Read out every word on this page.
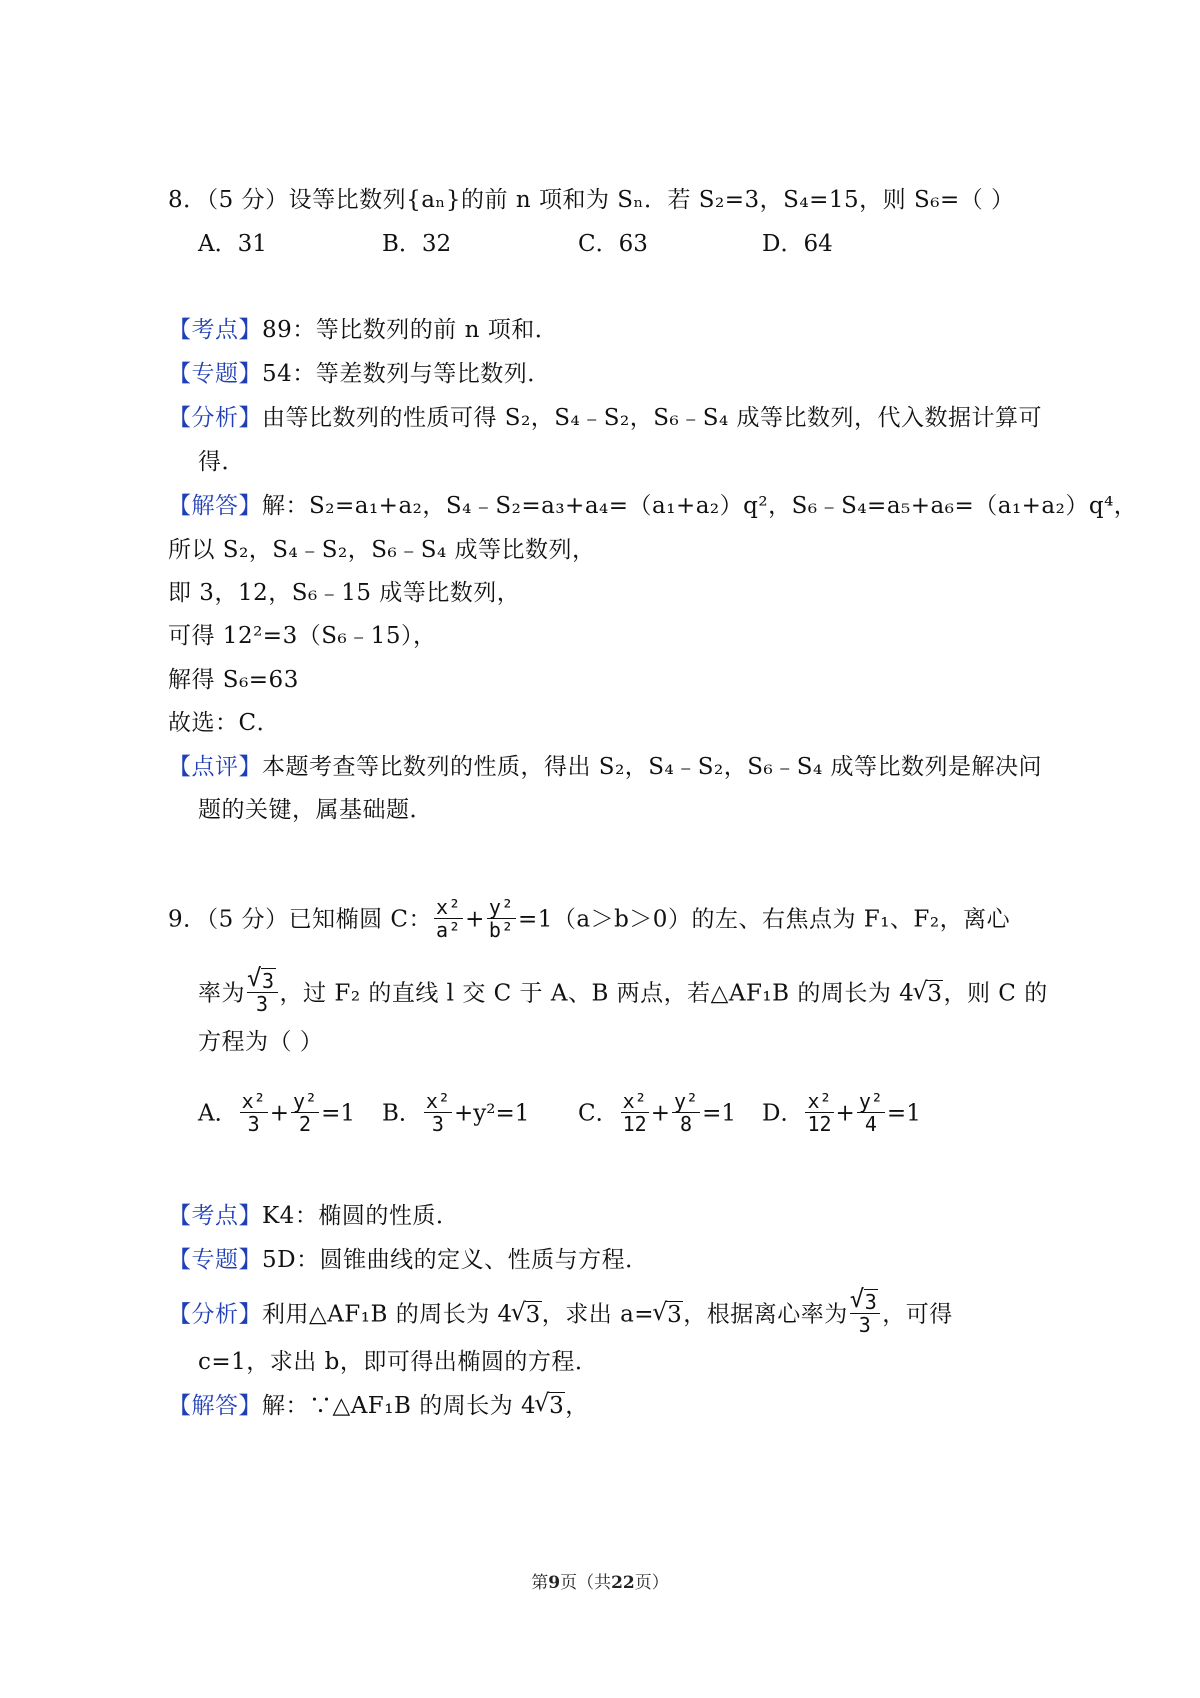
8．（5 分）设等比数列{aₙ}的前 n 项和为 Sₙ．若 S₂=3，S₄=15，则 S₆=（ ）
A．31	B．32	C．63	D．64
【考点】89：等比数列的前 n 项和．
【专题】54：等差数列与等比数列．
【分析】由等比数列的性质可得 S₂，S₄﹣S₂，S₆﹣S₄ 成等比数列，代入数据计算可
得．
【解答】解：S₂=a₁+a₂，S₄﹣S₂=a₃+a₄=（a₁+a₂）q²，S₆﹣S₄=a₅+a₆=（a₁+a₂）q⁴，
所以 S₂，S₄﹣S₂，S₆﹣S₄ 成等比数列，
即 3，12，S₆﹣15 成等比数列，
可得 12²=3（S₆﹣15），
解得 S₆=63
故选：C．
【点评】本题考查等比数列的性质，得出 S₂，S₄﹣S₂，S₆﹣S₄ 成等比数列是解决问
题的关键，属基础题．
9．（5 分）已知椭圆 C： $\frac{\text{x²}}{\text{a²}} + \frac{\text{y²}}{\text{b²}} =1(a>b>0)$的左、右焦点为 F₁、F₂，离心
率为 √ $\frac{3}{3}$ ，过 F₂ 的直线 l 交 C 于 A、B 两点，若△AF₁B 的周长为 4 √ 3，则 C 的
方程为（ ）
A． $\frac{\text{x²}}{3} + \frac{\text{y²}}{2} =1$ B． $\frac{\text{x²}}{3} +y^2=1$ C． $\frac{\text{x²}}{12} + \frac{\text{y²}}{8} =1$ D． $\frac{\text{x²}}{12} + \frac{\text{y²}}{4} =1$
【考点】K4：椭圆的性质．
【专题】5D：圆锥曲线的定义、性质与方程．
【分析】利用△AF₁B 的周长为 4 √ 3，求出 a= √ 3，根据离心率为 √ $\frac{3}{3}$ ，可得
c=1，求出 b，即可得出椭圆的方程．
【解答】解：∵△AF₁B 的周长为 4 √ 3，
第9页（共22页）
